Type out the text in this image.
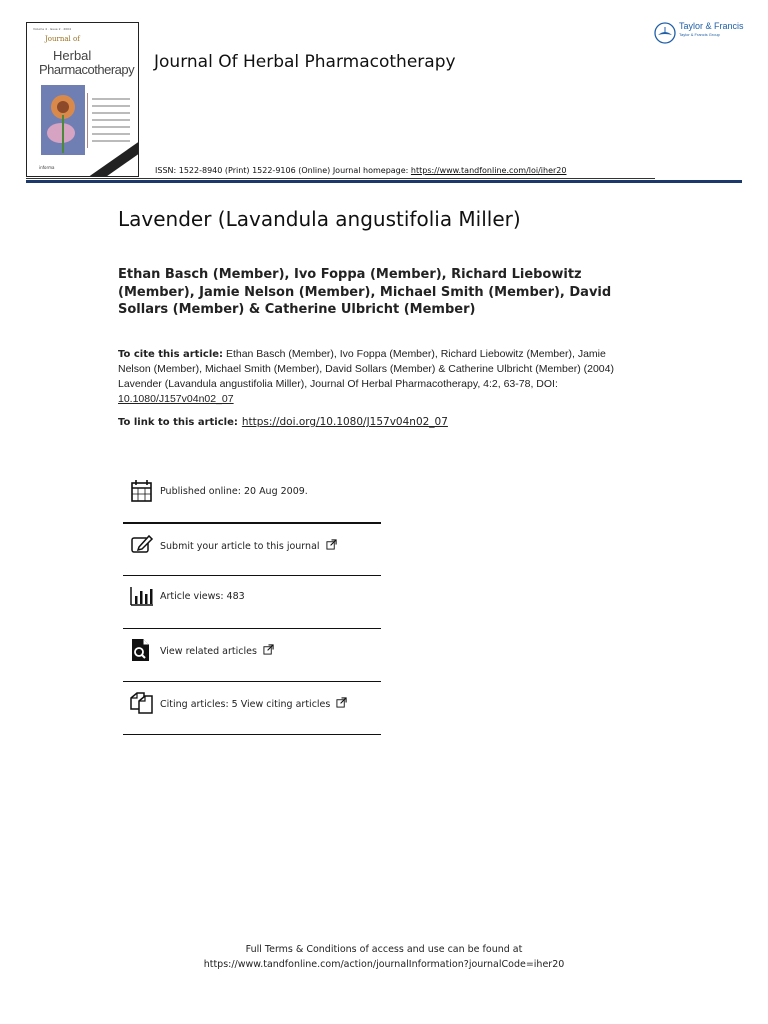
Volume 4 · Issue 2 · 2004
Journal of
Herbal
Pharmacotherapy
informa
Journal Of Herbal Pharmacotherapy
Taylor & Francis
Taylor & Francis Group
ISSN: 1522-8940 (Print) 1522-9106 (Online) Journal homepage: https://www.tandfonline.com/loi/iher20
Lavender (Lavandula angustifolia Miller)
Ethan Basch (Member), Ivo Foppa (Member), Richard Liebowitz (Member), Jamie Nelson (Member), Michael Smith (Member), David Sollars (Member) & Catherine Ulbricht (Member)
To cite this article: Ethan Basch (Member), Ivo Foppa (Member), Richard Liebowitz (Member), Jamie Nelson (Member), Michael Smith (Member), David Sollars (Member) & Catherine Ulbricht (Member) (2004) Lavender (Lavandula angustifolia Miller), Journal Of Herbal Pharmacotherapy, 4:2, 63-78, DOI: 10.1080/J157v04n02_07
To link to this article: https://doi.org/10.1080/J157v04n02_07
Published online: 20 Aug 2009.
Submit your article to this journal
Article views: 483
View related articles
Citing articles: 5 View citing articles
Full Terms & Conditions of access and use can be found at
https://www.tandfonline.com/action/journalInformation?journalCode=iher20
